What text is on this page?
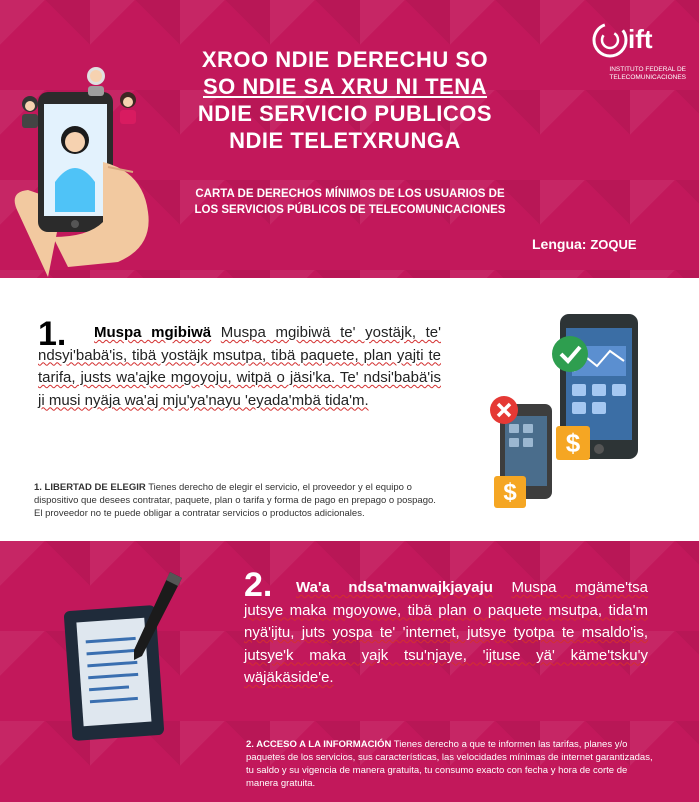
XROO NDIE DERECHU SO
SO NDIE SA XRU NI TENA
NDIE SERVICIO PUBLICOS
NDIE TELETXRUNGA
CARTA DE DERECHOS MÍNIMOS DE LOS USUARIOS DE
LOS SERVICIOS PÚBLICOS DE TELECOMUNICACIONES
Lengua: ZOQUE
ift
INSTITUTO FEDERAL DE
TELECOMUNICACIONES
1.	Muspa mgibiwä Muspa mgibiwä te' yostäjk, te' ndsyi'babä'is, tibä yostäjk msutpa, tibä paquete, plan yajti te tarifa, justs wa'ajke mgoyoju, witpä o jäsi'ka. Te' ndsi'babä'is ji musi nyäja wa'aj mju'ya'nayu 'eyada'mbä tida'm.

1. LIBERTAD DE ELEGIR Tienes derecho de elegir el servicio, el proveedor y el equipo o dispositivo que desees contratar, paquete, plan o tarifa y forma de pago en prepago o pospago. El proveedor no te puede obligar a contratar servicios o productos adicionales.

$
$
2.	Wa'a ndsa'manwajkjayaju Muspa mgäme'tsa jutsye maka mgoyowe, tibä plan o paquete msutpa, tida'm nyä'ijtu, juts yospa te' 'internet, jutsye tyotpa te msaldo'is, jutsye'k maka yajk tsu'njaye, 'ijtuse yä' käme'tsku'y wäjäkäside'e.

2. ACCESO A LA INFORMACIÓN Tienes derecho a que te informen las tarifas, planes y/o paquetes de los servicios, sus características, las velocidades mínimas de internet garantizadas, tu saldo y su vigencia de manera gratuita, tu consumo exacto con fecha y hora de corte de manera gratuita.
